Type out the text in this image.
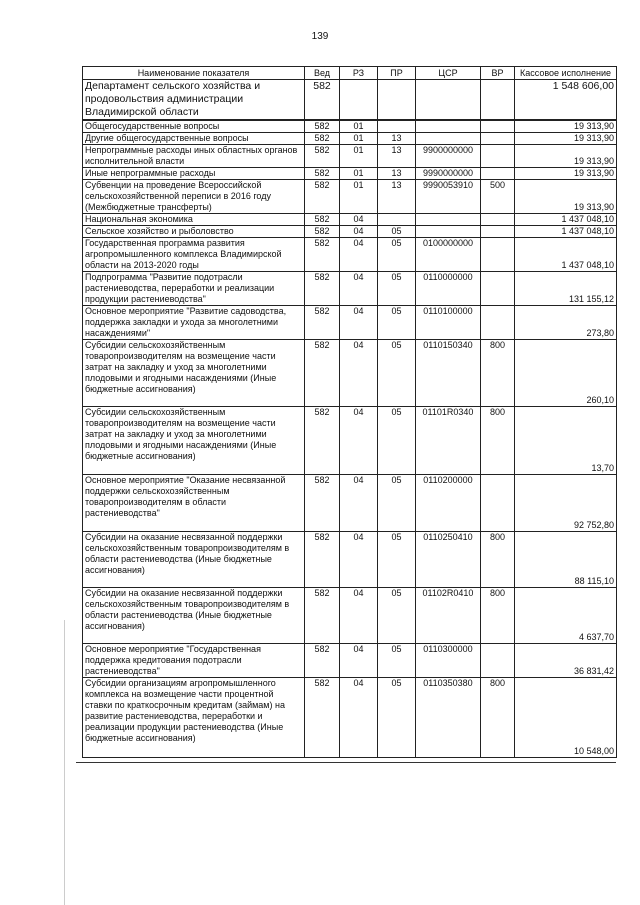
139
Наименование показателя	Вед	РЗ	ПР	ЦСР	ВР	Кассовое исполнение
Департамент сельского хозяйства и продовольствия администрации Владимирской области	582					1 548 606,00
Общегосударственные вопросы	582	01				19 313,90
Другие общегосударственные вопросы	582	01	13			19 313,90
Непрограммные расходы иных областных органов исполнительной власти	582	01	13	9900000000		19 313,90
Иные непрограммные расходы	582	01	13	9990000000		19 313,90
Субвенции на проведение Всероссийской сельскохозяйственной переписи в 2016 году (Межбюджетные трансферты)	582	01	13	9990053910	500	19 313,90
Национальная экономика	582	04				1 437 048,10
Сельское хозяйство и рыболовство	582	04	05			1 437 048,10
Государственная программа развития агропромышленного комплекса Владимирской области на 2013-2020 годы	582	04	05	0100000000		1 437 048,10
Подпрограмма "Развитие подотрасли растениеводства, переработки и реализации продукции растениеводства"	582	04	05	0110000000		131 155,12
Основное мероприятие "Развитие садоводства, поддержка закладки и ухода за многолетними насаждениями"	582	04	05	0110100000		273,80
Субсидии сельскохозяйственным товаропроизводителям на возмещение части затрат на закладку и уход за многолетними плодовыми и ягодными насаждениями (Иные бюджетные ассигнования)	582	04	05	0110150340	800	260,10
Субсидии сельскохозяйственным товаропроизводителям на возмещение части затрат на закладку и уход за многолетними плодовыми и ягодными насаждениями (Иные бюджетные ассигнования)	582	04	05	01101R0340	800	13,70
Основное мероприятие "Оказание несвязанной поддержки сельскохозяйственным товаропроизводителям в области растениеводства"	582	04	05	0110200000		92 752,80
Субсидии на оказание несвязанной поддержки сельскохозяйственным товаропроизводителям в области растениеводства (Иные бюджетные ассигнования)	582	04	05	0110250410	800	88 115,10
Субсидии на оказание несвязанной поддержки сельскохозяйственным товаропроизводителям в области растениеводства (Иные бюджетные ассигнования)	582	04	05	01102R0410	800	4 637,70
Основное мероприятие "Государственная поддержка кредитования подотрасли растениеводства"	582	04	05	0110300000		36 831,42
Субсидии организациям агропромышленного комплекса на возмещение части процентной ставки по краткосрочным кредитам (займам) на развитие растениеводства, переработки и реализации продукции растениеводства (Иные бюджетные ассигнования)	582	04	05	0110350380	800	10 548,00
